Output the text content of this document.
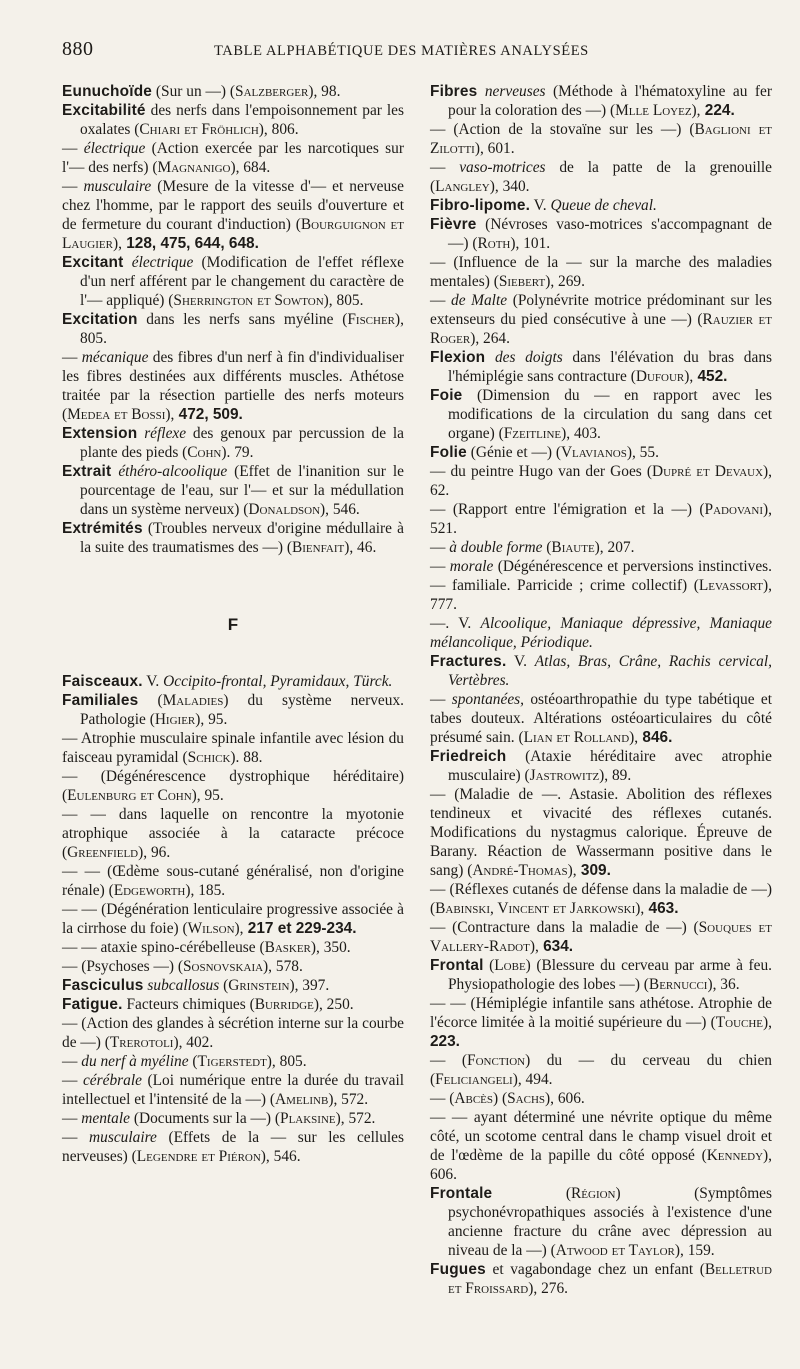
880	TABLE ALPHABÉTIQUE DES MATIÈRES ANALYSÉES

Eunuchoïde (Sur un —) (Salzberger), 98.

Excitabilité des nerfs dans l'empoisonnement par les oxalates (Chiari et Fröhlich), 806.

— électrique (Action exercée par les narcotiques sur l'— des nerfs) (Magnanigo), 684.

— musculaire (Mesure de la vitesse d'— et nerveuse chez l'homme, par le rapport des seuils d'ouverture et de fermeture du courant d'induction) (Bourguignon et Laugier), 128, 475, 644, 648.

Excitant électrique (Modification de l'effet réflexe d'un nerf afférent par le changement du caractère de l'— appliqué) (Sherrington et Sowton), 805.

Excitation dans les nerfs sans myéline (Fischer), 805.

— mécanique des fibres d'un nerf à fin d'individualiser les fibres destinées aux différents muscles. Athétose traitée par la résection partielle des nerfs moteurs (Medea et Bossi), 472, 509.

Extension réflexe des genoux par percussion de la plante des pieds (Cohn). 79.

Extrait éthéro-alcoolique (Effet de l'inanition sur le pourcentage de l'eau, sur l'— et sur la médullation dans un système nerveux) (Donaldson), 546.

Extrémités (Troubles nerveux d'origine médullaire à la suite des traumatismes des —) (Bienfait), 46.

F

Faisceaux. V. Occipito-frontal, Pyramidaux, Türck.

Familiales (Maladies) du système nerveux. Pathologie (Higier), 95.

— Atrophie musculaire spinale infantile avec lésion du faisceau pyramidal (Schick). 88.

— (Dégénérescence dystrophique héréditaire) (Eulenburg et Cohn), 95.

— — dans laquelle on rencontre la myotonie atrophique associée à la cataracte précoce (Greenfield), 96.

— — (Œdème sous-cutané généralisé, non d'origine rénale) (Edgeworth), 185.

— — (Dégénération lenticulaire progressive associée à la cirrhose du foie) (Wilson), 217 et 229-234.

— — ataxie spino-cérébelleuse (Basker), 350.

— (Psychoses —) (Sosnovskaia), 578.

Fasciculus subcallosus (Grinstein), 397.

Fatigue. Facteurs chimiques (Burridge), 250.

— (Action des glandes à sécrétion interne sur la courbe de —) (Trerotoli), 402.

— du nerf à myéline (Tigerstedt), 805.

— cérébrale (Loi numérique entre la durée du travail intellectuel et l'intensité de la —) (Amelinb), 572.

— mentale (Documents sur la —) (Plaksine), 572.

— musculaire (Effets de la — sur les cellules nerveuses) (Legendre et Piéron), 546.

Fibres nerveuses (Méthode à l'hématoxyline au fer pour la coloration des —) (Mlle Loyez), 224.

— (Action de la stovaïne sur les —) (Baglioni et Zilotti), 601.

— vaso-motrices de la patte de la grenouille (Langley), 340.

Fibro-lipome. V. Queue de cheval.

Fièvre (Névroses vaso-motrices s'accompagnant de —) (Roth), 101.

— (Influence de la — sur la marche des maladies mentales) (Siebert), 269.

— de Malte (Polynévrite motrice prédominant sur les extenseurs du pied consécutive à une —) (Rauzier et Roger), 264.

Flexion des doigts dans l'élévation du bras dans l'hémiplégie sans contracture (Dufour), 452.

Foie (Dimension du — en rapport avec les modifications de la circulation du sang dans cet organe) (Fzeitline), 403.

Folie (Génie et —) (Vlavianos), 55.

— du peintre Hugo van der Goes (Dupré et Devaux), 62.

— (Rapport entre l'émigration et la —) (Padovani), 521.

— à double forme (Biaute), 207.

— morale (Dégénérescence et perversions instinctives. — familiale. Parricide ; crime collectif) (Levassort), 777.

—. V. Alcoolique, Maniaque dépressive, Maniaque mélancolique, Périodique.

Fractures. V. Atlas, Bras, Crâne, Rachis cervical, Vertèbres.

— spontanées, ostéoarthropathie du type tabétique et tabes douteux. Altérations ostéoarticulaires du côté présumé sain. (Lian et Rolland), 846.

Friedreich (Ataxie héréditaire avec atrophie musculaire) (Jastrowitz), 89.

— (Maladie de —. Astasie. Abolition des réflexes tendineux et vivacité des réflexes cutanés. Modifications du nystagmus calorique. Épreuve de Barany. Réaction de Wassermann positive dans le sang) (André-Thomas), 309.

— (Réflexes cutanés de défense dans la maladie de —) (Babinski, Vincent et Jarkowski), 463.

— (Contracture dans la maladie de —) (Souques et Vallery-Radot), 634.

Frontal (Lobe) (Blessure du cerveau par arme à feu. Physiopathologie des lobes —) (Bernucci), 36.

— — (Hémiplégie infantile sans athétose. Atrophie de l'écorce limitée à la moitié supérieure du —) (Touche), 223.

— (Fonction) du — du cerveau du chien (Feliciangeli), 494.

— (Abcès) (Sachs), 606.

— — ayant déterminé une névrite optique du même côté, un scotome central dans le champ visuel droit et de l'œdème de la papille du côté opposé (Kennedy), 606.

Frontale	(Région) (Symptômes psychonévropathiques associés à l'existence d'une ancienne fracture du crâne avec dépression au niveau de la —) (Atwood et Taylor), 159.

Fugues et vagabondage chez un enfant (Belletrud et Froissard), 276.
